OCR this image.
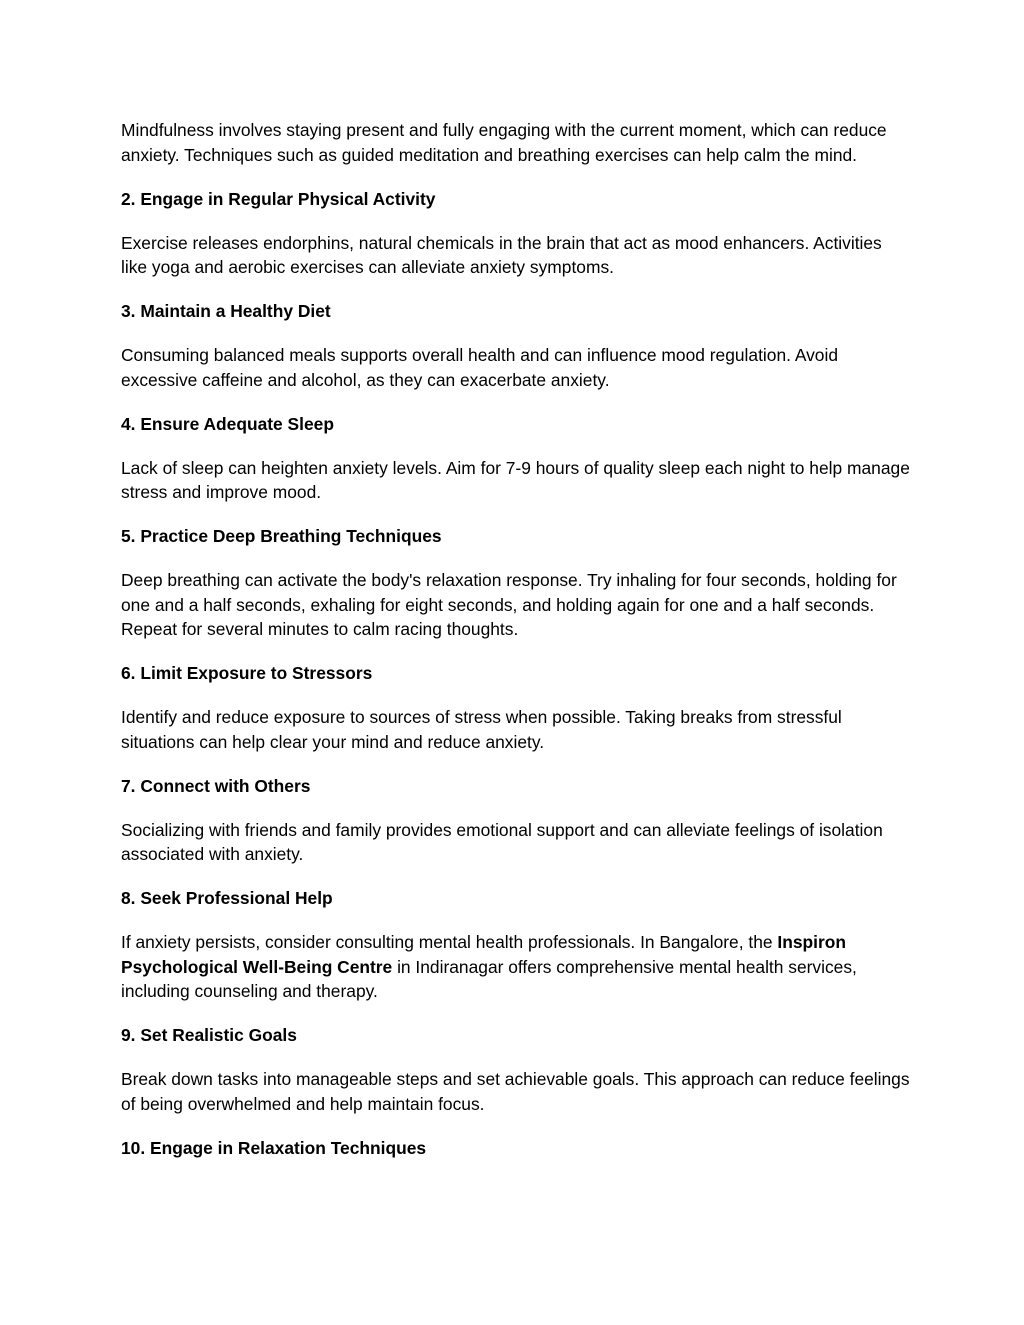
Mindfulness involves staying present and fully engaging with the current moment, which can reduce anxiety. Techniques such as guided meditation and breathing exercises can help calm the mind.

2. Engage in Regular Physical Activity

Exercise releases endorphins, natural chemicals in the brain that act as mood enhancers. Activities like yoga and aerobic exercises can alleviate anxiety symptoms.

3. Maintain a Healthy Diet

Consuming balanced meals supports overall health and can influence mood regulation. Avoid excessive caffeine and alcohol, as they can exacerbate anxiety.

4. Ensure Adequate Sleep

Lack of sleep can heighten anxiety levels. Aim for 7-9 hours of quality sleep each night to help manage stress and improve mood.

5. Practice Deep Breathing Techniques

Deep breathing can activate the body's relaxation response. Try inhaling for four seconds, holding for one and a half seconds, exhaling for eight seconds, and holding again for one and a half seconds. Repeat for several minutes to calm racing thoughts.

6. Limit Exposure to Stressors

Identify and reduce exposure to sources of stress when possible. Taking breaks from stressful situations can help clear your mind and reduce anxiety.

7. Connect with Others

Socializing with friends and family provides emotional support and can alleviate feelings of isolation associated with anxiety.

8. Seek Professional Help

If anxiety persists, consider consulting mental health professionals. In Bangalore, the Inspiron Psychological Well-Being Centre in Indiranagar offers comprehensive mental health services, including counseling and therapy.

9. Set Realistic Goals

Break down tasks into manageable steps and set achievable goals. This approach can reduce feelings of being overwhelmed and help maintain focus.

10. Engage in Relaxation Techniques
